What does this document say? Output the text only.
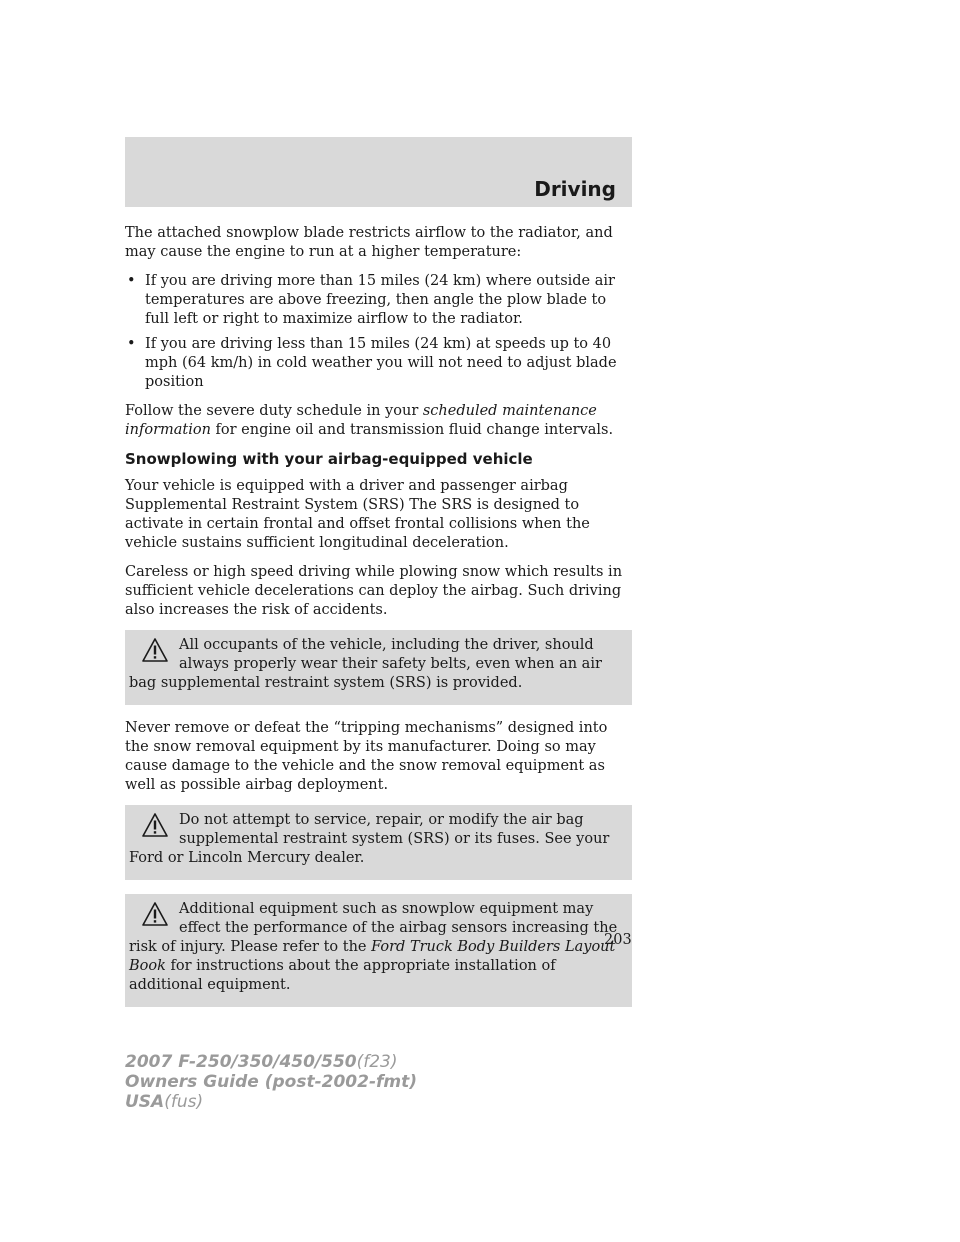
Driving

The attached snowplow blade restricts airflow to the radiator, and may cause the engine to run at a higher temperature:

• If you are driving more than 15 miles (24 km) where outside air temperatures are above freezing, then angle the plow blade to full left or right to maximize airflow to the radiator.
• If you are driving less than 15 miles (24 km) at speeds up to 40 mph (64 km/h) in cold weather you will not need to adjust blade position

Follow the severe duty schedule in your scheduled maintenance information for engine oil and transmission fluid change intervals.

Snowplowing with your airbag-equipped vehicle

Your vehicle is equipped with a driver and passenger airbag Supplemental Restraint System (SRS) The SRS is designed to activate in certain frontal and offset frontal collisions when the vehicle sustains sufficient longitudinal deceleration.

Careless or high speed driving while plowing snow which results in sufficient vehicle decelerations can deploy the airbag. Such driving also increases the risk of accidents.

All occupants of the vehicle, including the driver, should always properly wear their safety belts, even when an air bag supplemental restraint system (SRS) is provided.

Never remove or defeat the “tripping mechanisms” designed into the snow removal equipment by its manufacturer. Doing so may cause damage to the vehicle and the snow removal equipment as well as possible airbag deployment.

Do not attempt to service, repair, or modify the air bag supplemental restraint system (SRS) or its fuses. See your Ford or Lincoln Mercury dealer.
Additional equipment such as snowplow equipment may effect the performance of the airbag sensors increasing the risk of injury. Please refer to the Ford Truck Body Builders Layout Book for instructions about the appropriate installation of additional equipment.
203
2007 F-250/350/450/550(f23)
Owners Guide (post-2002-fmt)
USA(fus)
